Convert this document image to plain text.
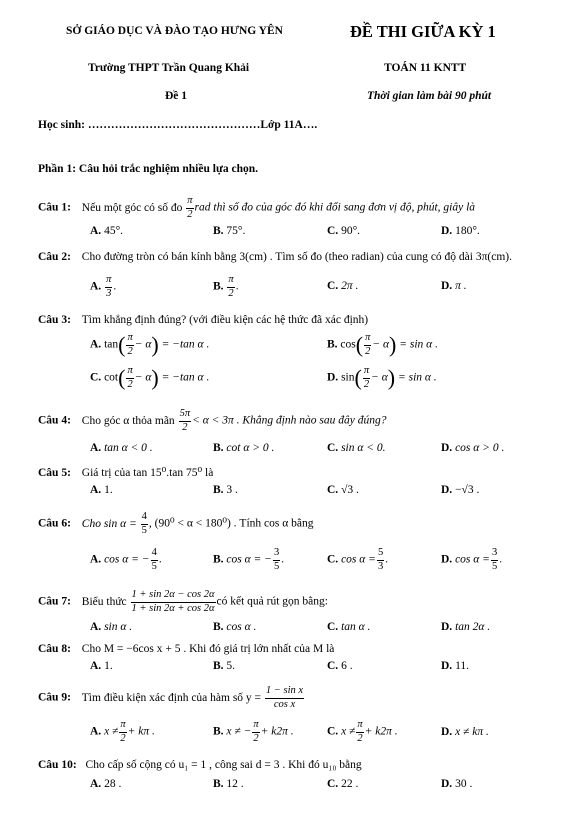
SỞ GIÁO DỤC VÀ ĐÀO TẠO HƯNG YÊN	ĐỀ THI GIỮA KỲ 1
Trường THPT Trần Quang Khải	TOÁN 11 KNTT
Đề 1	Thời gian làm bài 90 phút
Học sinh: ………………………………………Lớp 11A….
Phần 1: Câu hỏi trắc nghiệm nhiều lựa chọn.
Câu 1: Nếu một góc có số đo $\frac{\pi}{2}$ rad thì số đo của góc đó khi đổi sang đơn vị độ, phút, giây là
A. 45°.	B. 75°.	C. 90°.	D. 180°.
Câu 2: Cho đường tròn có bán kính bằng 3(cm) . Tìm số đo (theo radian) của cung có độ dài 3π(cm).
A. $\frac{\pi}{3}$ .	B. $\frac{\pi}{2}$ .	C. 2π .	D. π .
Câu 3: Tìm khẳng định đúng? (với điều kiện các hệ thức đã xác định)
A. $\tan( \frac{\pi}{2} - \alpha) = -\tan$ α .	B. $\cos( \frac{\pi}{2} - \alpha) = \sin \alpha$ .
C. $\cot( \frac{\pi}{2} - \alpha) = -\tan$ α .	D. $\sin( \frac{\pi}{2} - \alpha) = \sin \alpha$ .
Câu 4: Cho góc α thỏa mãn $\frac{5\pi}{2} < \alpha < 3\pi$ . Khẳng định nào sau đây đúng?
A. tan α < 0 .	B. cot α > 0 .	C. sin α < 0.	D. cos α > 0 .
Câu 5: Giá trị của tan 15⁰.tan 75⁰ là
A. 1.	B. 3 .	C. √3 .	D. −√3 .
Câu 6: Cho $\sin \alpha = \frac{4}{5}$ , (90⁰ < α < 180⁰) . Tính cos α bằng
A. cos α = − $\frac{4}{5}$ .	B. cos α = − $\frac{3}{5}$ .	C. $\cos \alpha = \frac{5}{3}$ .	D. $\cos \alpha = \frac{3}{5}$ .
Câu 7: Biểu thức $\frac{1 + \sin 2\alpha - \cos 2\alpha}{1 + \sin 2\alpha + \cos 2\alpha}$ có kết quả rút gọn bằng:
A. sin α .	B. cos α .	C. tan α .	D. tan 2α .
Câu 8: Cho M = −6cos x + 5 . Khi đó giá trị lớn nhất của M là
A. 1.	B. 5.	C. 6 .	D. 11.
Câu 9: Tìm điều kiện xác định của hàm số $y = \frac{\text{1 − sin x}}{\text{cos x}}$
A. $x \ne \frac{\pi}{2} + k\pi$ .	B. x ≠ − $\frac{\pi}{2} + k2\pi$ .	C. $x \ne \frac{\pi}{2} + k2\pi$ .	D. x ≠ kπ .
Câu 10: Cho cấp số cộng có u₁ = 1 , công sai d = 3 . Khi đó u₁₀ bằng
A. 28 .	B. 12 .	C. 22 .	D. 30 .
